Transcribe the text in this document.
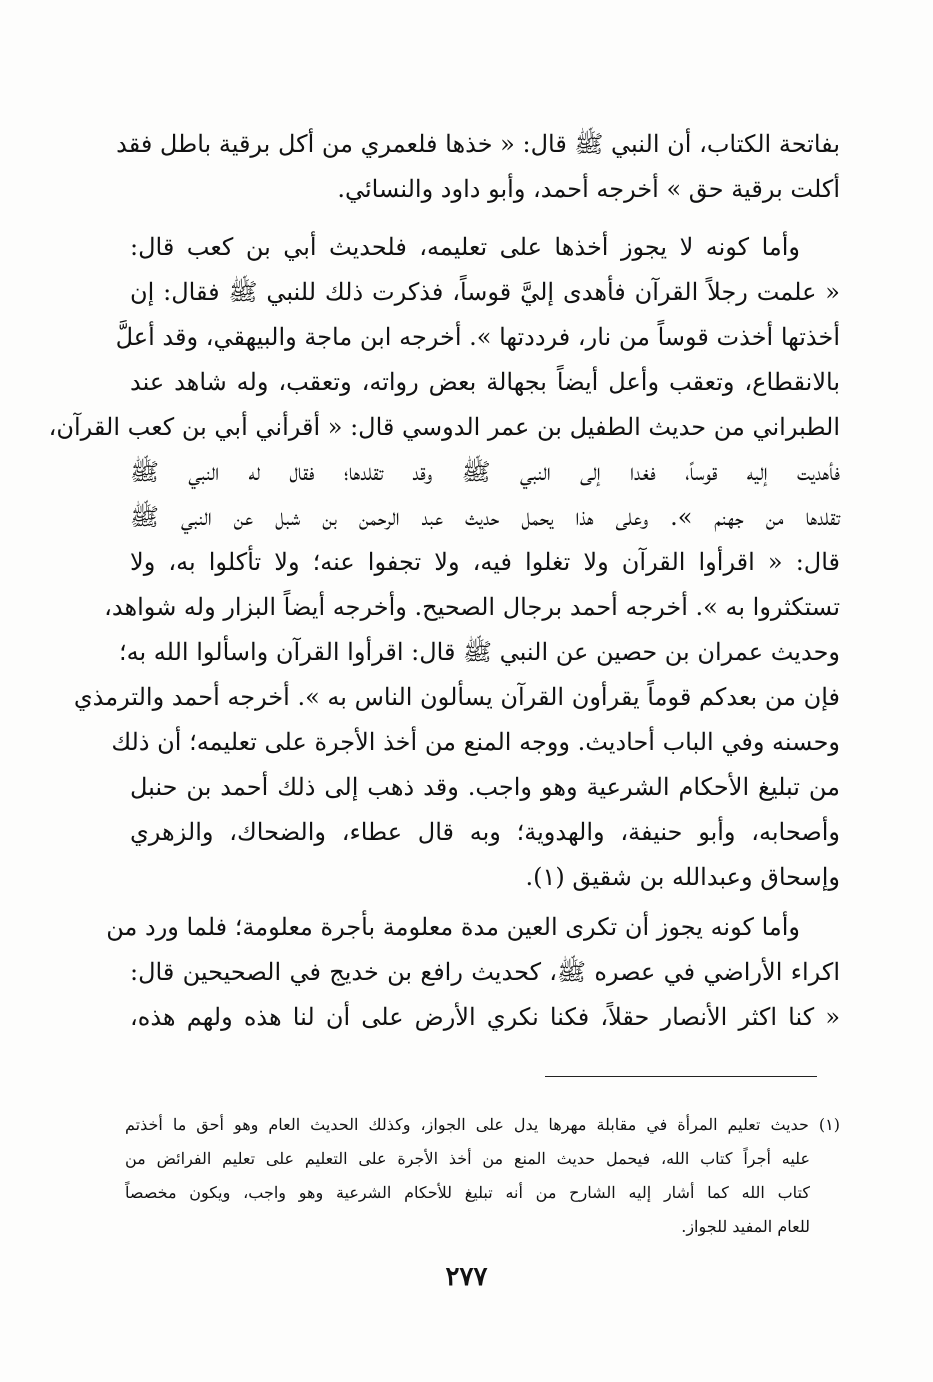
بفاتحة الكتاب، أن النبي ﷺ قال: « خذها فلعمري من أكل برقية باطل فقد
أكلت برقية حق » أخرجه أحمد، وأبو داود والنسائي.
وأما كونه لا يجوز أخذها على تعليمه، فلحديث أبي بن كعب قال:
« علمت رجلاً القرآن فأهدى إليَّ قوساً، فذكرت ذلك للنبي ﷺ فقال: إن
أخذتها أخذت قوساً من نار، فرددتها ». أخرجه ابن ماجة والبيهقي، وقد أعلَّ
بالانقطاع، وتعقب وأعل أيضاً بجهالة بعض رواته، وتعقب، وله شاهد عند
الطبراني من حديث الطفيل بن عمر الدوسي قال: « أقرأني أبي بن كعب القرآن،
فأهديت إليه قوساً، فغدا إلى النبي ﷺ وقد تقلدها؛ فقال له النبي ﷺ
تقلدها من جهنم ». وعلى هذا يحمل حديث عبد الرحمن بن شبل عن النبي ﷺ
قال: « اقرأوا القرآن ولا تغلوا فيه، ولا تجفوا عنه؛ ولا تأكلوا به، ولا
تستكثروا به ». أخرجه أحمد برجال الصحيح. وأخرجه أيضاً البزار وله شواهد،
وحديث عمران بن حصين عن النبي ﷺ قال: اقرأوا القرآن واسألوا الله به؛
فإن من بعدكم قوماً يقرأون القرآن يسألون الناس به ». أخرجه أحمد والترمذي
وحسنه وفي الباب أحاديث. ووجه المنع من أخذ الأجرة على تعليمه؛ أن ذلك
من تبليغ الأحكام الشرعية وهو واجب. وقد ذهب إلى ذلك أحمد بن حنبل
وأصحابه، وأبو حنيفة، والهدوية؛ وبه قال عطاء، والضحاك، والزهري
وإسحاق وعبدالله بن شقيق (١).
وأما كونه يجوز أن تكرى العين مدة معلومة بأجرة معلومة؛ فلما ورد من
اكراء الأراضي في عصره ﷺ، كحديث رافع بن خديج في الصحيحين قال:
« كنا اكثر الأنصار حقلاً، فكنا نكري الأرض على أن لنا هذه ولهم هذه،
(١) حديث تعليم المرأة في مقابلة مهرها يدل على الجواز، وكذلك الحديث العام وهو أحق ما أخذتم
عليه أجراً كتاب الله، فيحمل حديث المنع من أخذ الأجرة على التعليم على تعليم الفرائض من
كتاب الله كما أشار إليه الشارح من أنه تبليغ للأحكام الشرعية وهو واجب، ويكون مخصصاً
للعام المفيد للجواز.
٢٧٧
